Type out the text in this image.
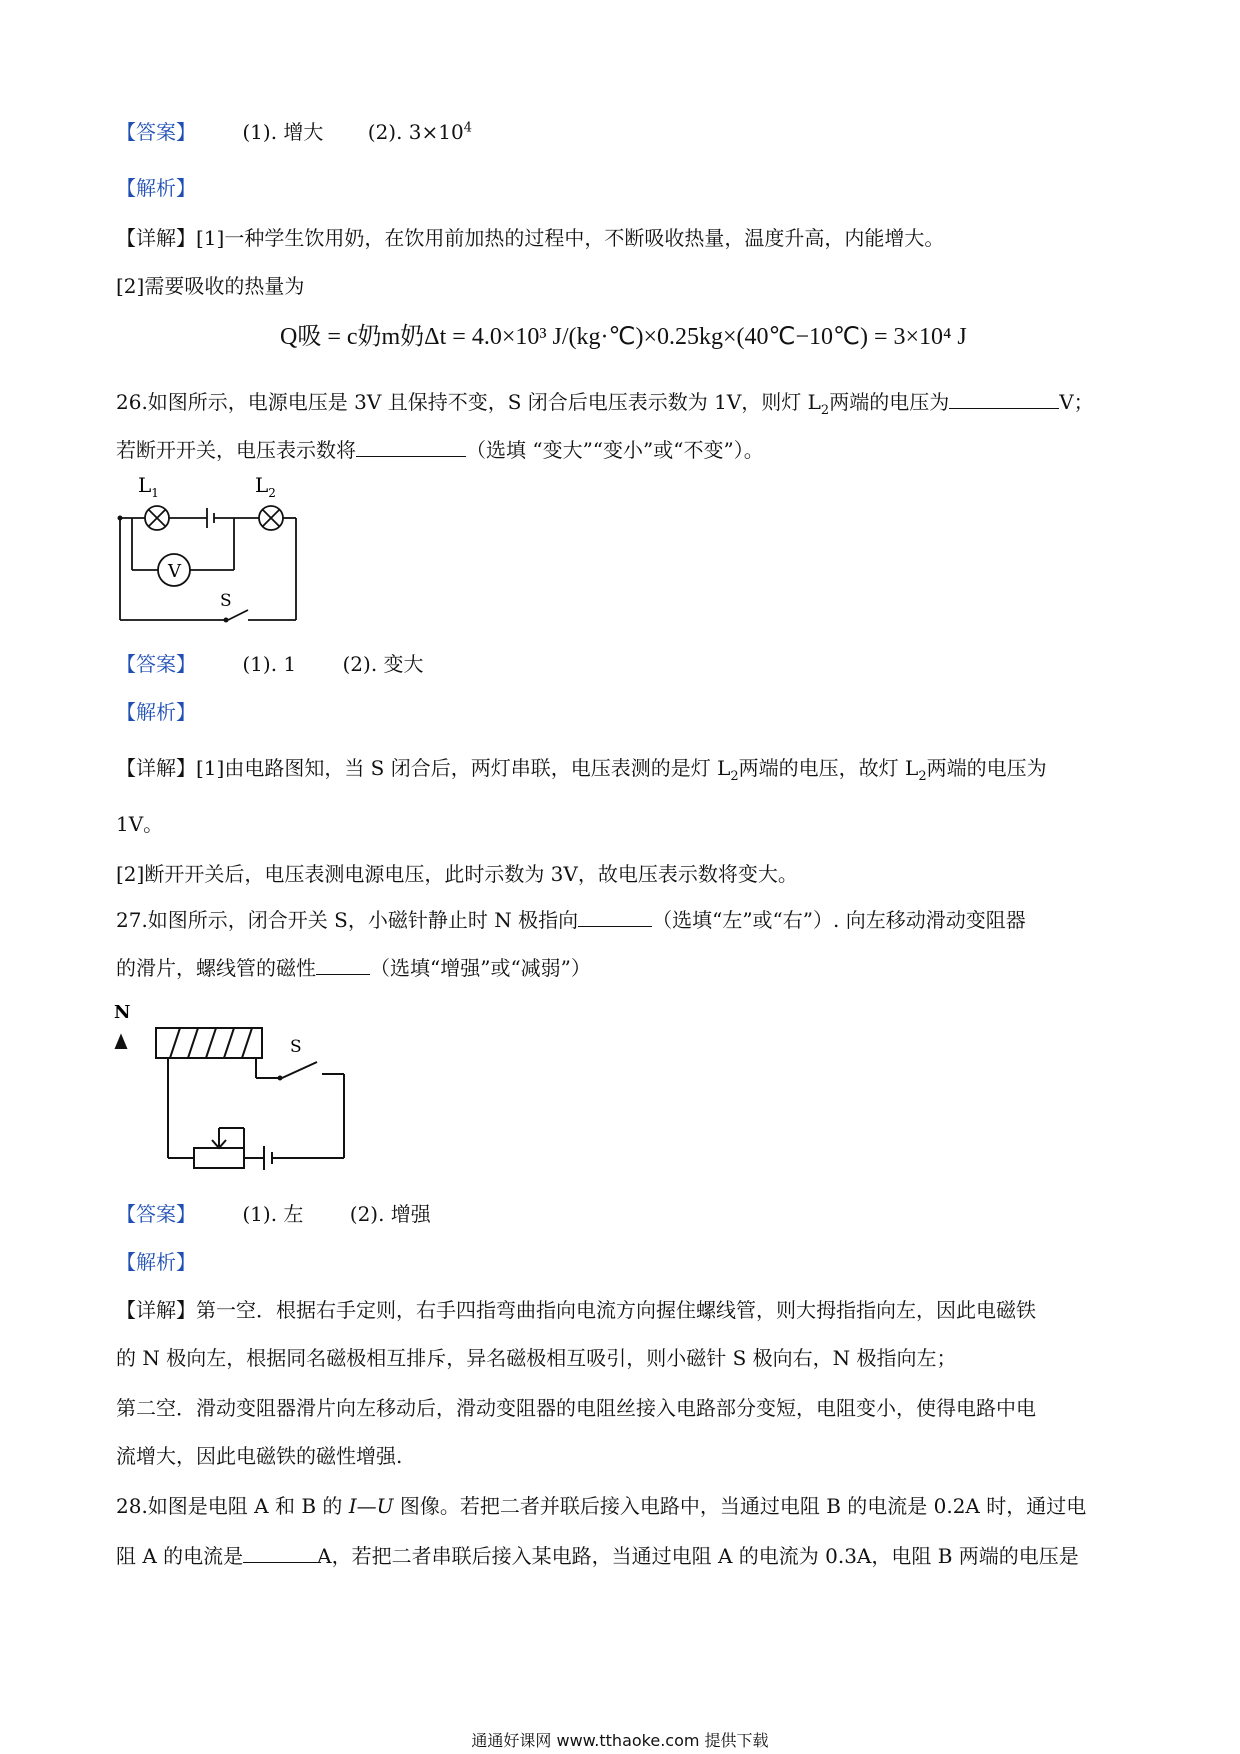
【答案】 (1). 增大 (2). $3\times 10^4$
【解析】
【详解】[1]一种学生饮用奶，在饮用前加热的过程中，不断吸收热量，温度升高，内能增大。
[2]需要吸收的热量为
Q吸 = c奶m奶Δt = 4.0×10³ J/(kg·℃)×0.25kg×(40℃−10℃) = 3×10⁴ J
26.如图所示，电源电压是 3V 且保持不变，S 闭合后电压表示数为 1V，则灯 $L_2$两端的电压为	V；
若断开开关，电压表示数将	（选填 “变大”“变小”或“不变”）。
$L_1$	$L_2$
V
S
【答案】 (1). 1 (2). 变大
【解析】
【详解】[1]由电路图知，当 S 闭合后，两灯串联，电压表测的是灯 $L_2$两端的电压，故灯 $L_2$两端的电压为
1V。
[2]断开开关后，电压表测电源电压，此时示数为 3V，故电压表示数将变大。
27.如图所示，闭合开关 S，小磁针静止时 N 极指向	（选填“左”或“右”）. 向左移动滑动变阻器
的滑片，螺线管的磁性	（选填“增强”或“减弱”）
N
S
【答案】 (1). 左 (2). 增强
【解析】
【详解】第一空．根据右手定则，右手四指弯曲指向电流方向握住螺线管，则大拇指指向左，因此电磁铁
的 N 极向左，根据同名磁极相互排斥，异名磁极相互吸引，则小磁针 S 极向右，N 极指向左；
第二空．滑动变阻器滑片向左移动后，滑动变阻器的电阻丝接入电路部分变短，电阻变小，使得电路中电
流增大，因此电磁铁的磁性增强.
28.如图是电阻 A 和 B 的 I—U 图像。若把二者并联后接入电路中，当通过电阻 B 的电流是 0.2A 时，通过电
阻 A 的电流是	A，若把二者串联后接入某电路，当通过电阻 A 的电流为 0.3A，电阻 B 两端的电压是
通通好课网 www.tthaoke.com 提供下载
